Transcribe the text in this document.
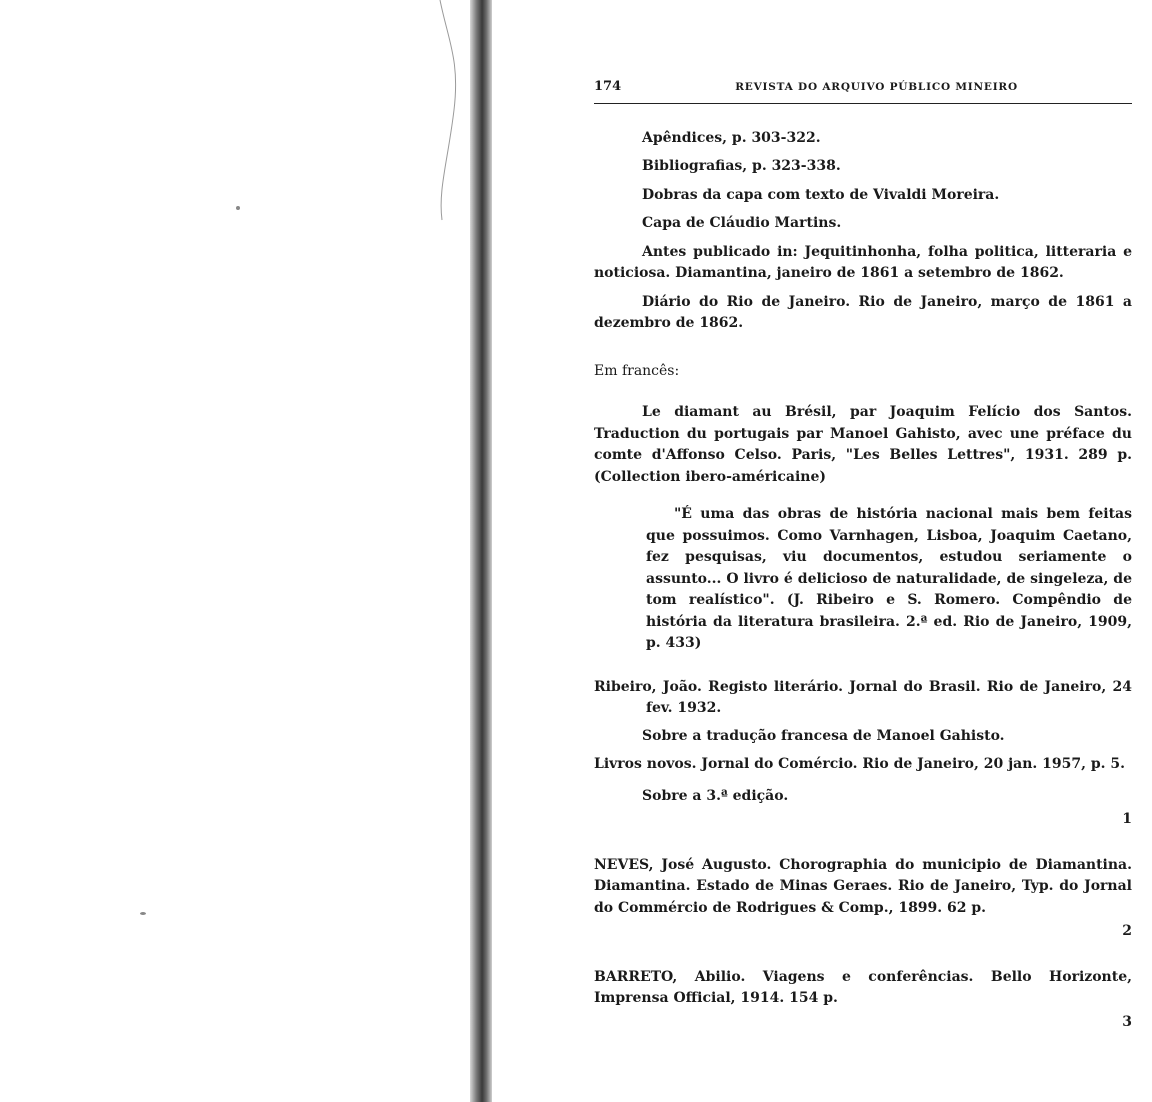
174	REVISTA DO ARQUIVO PÚBLICO MINEIRO

Apêndices, p. 303-322.

Bibliografias, p. 323-338.

Dobras da capa com texto de Vivaldi Moreira.

Capa de Cláudio Martins.

Antes publicado in: Jequitinhonha, folha politica, litteraria e noticiosa. Diamantina, janeiro de 1861 a setembro de 1862.

Diário do Rio de Janeiro. Rio de Janeiro, março de 1861 a dezembro de 1862.

Em francês:

Le diamant au Brésil, par Joaquim Felício dos Santos. Traduction du portugais par Manoel Gahisto, avec une préface du comte d'Affonso Celso. Paris, "Les Belles Lettres", 1931. 289 p. (Collection ibero-américaine)

"É uma das obras de história nacional mais bem feitas que possuimos. Como Varnhagen, Lisboa, Joaquim Caetano, fez pesquisas, viu documentos, estudou seriamente o assunto... O livro é delicioso de naturalidade, de singeleza, de tom realístico". (J. Ribeiro e S. Romero. Compêndio de história da literatura brasileira. 2.ª ed. Rio de Janeiro, 1909, p. 433)

Ribeiro, João. Registo literário. Jornal do Brasil. Rio de Janeiro, 24 fev. 1932.

Sobre a tradução francesa de Manoel Gahisto.

Livros novos. Jornal do Comércio. Rio de Janeiro, 20 jan. 1957, p. 5.

Sobre a 3.ª edição.

1

NEVES, José Augusto. Chorographia do municipio de Diamantina. Diamantina. Estado de Minas Geraes. Rio de Janeiro, Typ. do Jornal do Commércio de Rodrigues & Comp., 1899. 62 p.

2

BARRETO, Abilio. Viagens e conferências. Bello Horizonte, Imprensa Official, 1914. 154 p.

3
